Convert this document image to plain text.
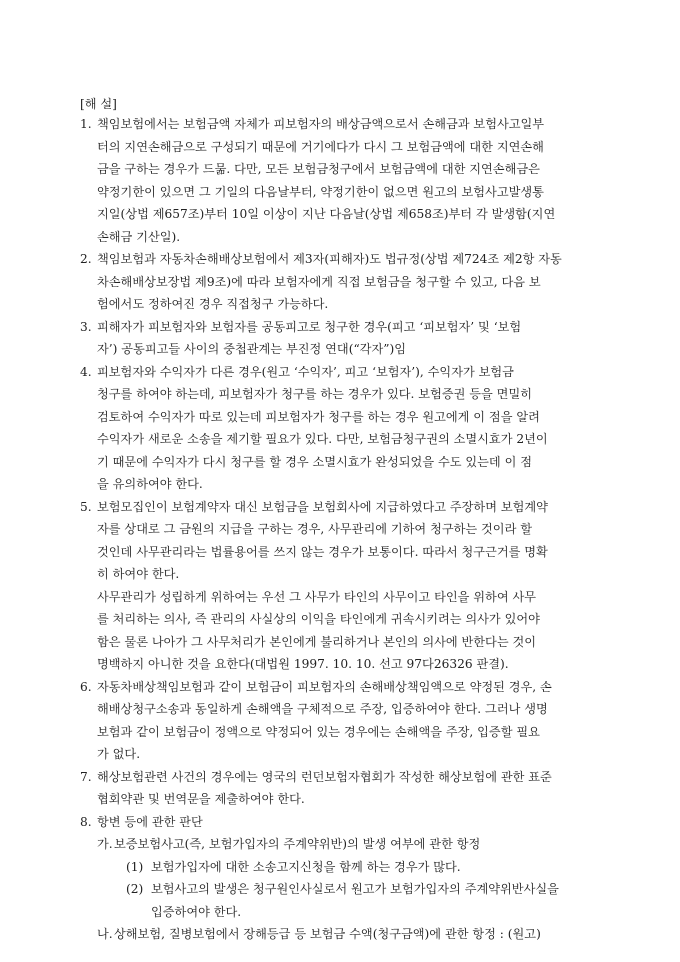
[해 설]
1. 책임보험에서는 보험금액 자체가 피보험자의 배상금액으로서 손해금과 보험사고일부
터의 지연손해금으로 구성되기 때문에 거기에다가 다시 그 보험금액에 대한 지연손해
금을 구하는 경우가 드묾. 다만, 모든 보험금청구에서 보험금액에 대한 지연손해금은
약정기한이 있으면 그 기일의 다음날부터, 약정기한이 없으면 원고의 보험사고발생통
지일(상법 제657조)부터 10일 이상이 지난 다음날(상법 제658조)부터 각 발생함(지연
손해금 기산일).
2. 책임보험과 자동차손해배상보험에서 제3자(피해자)도 법규정(상법 제724조 제2항 자동
차손해배상보장법 제9조)에 따라 보험자에게 직접 보험금을 청구할 수 있고, 다음 보
험에서도 정하여진 경우 직접청구 가능하다.
3. 피해자가 피보험자와 보험자를 공동피고로 청구한 경우(피고 ‘피보험자’ 및 ‘보험
자’) 공동피고들 사이의 중첩관계는 부진정 연대(“각자”)임
4. 피보험자와 수익자가 다른 경우(원고 ‘수익자’, 피고 ‘보험자’), 수익자가 보험금
청구를 하여야 하는데, 피보험자가 청구를 하는 경우가 있다. 보험증권 등을 면밀히
검토하여 수익자가 따로 있는데 피보험자가 청구를 하는 경우 원고에게 이 점을 알려
수익자가 새로운 소송을 제기할 필요가 있다. 다만, 보험금청구권의 소멸시효가 2년이
기 때문에 수익자가 다시 청구를 할 경우 소멸시효가 완성되었을 수도 있는데 이 점
을 유의하여야 한다.
5. 보험모집인이 보험계약자 대신 보험금을 보험회사에 지급하였다고 주장하며 보험계약
자를 상대로 그 금원의 지급을 구하는 경우, 사무관리에 기하여 청구하는 것이라 할
것인데 사무관리라는 법률용어를 쓰지 않는 경우가 보통이다. 따라서 청구근거를 명확
히 하여야 한다.
사무관리가 성립하게 위하여는 우선 그 사무가 타인의 사무이고 타인을 위하여 사무
를 처리하는 의사, 즉 관리의 사실상의 이익을 타인에게 귀속시키려는 의사가 있어야
함은 물론 나아가 그 사무처리가 본인에게 불리하거나 본인의 의사에 반한다는 것이
명백하지 아니한 것을 요한다(대법원 1997. 10. 10. 선고 97다26326 판결).
6. 자동차배상책임보험과 같이 보험금이 피보험자의 손해배상책임액으로 약정된 경우, 손
해배상청구소송과 동일하게 손해액을 구체적으로 주장, 입증하여야 한다. 그러나 생명
보험과 같이 보험금이 정액으로 약정되어 있는 경우에는 손해액을 주장, 입증할 필요
가 없다.
7. 해상보험관련 사건의 경우에는 영국의 런던보험자협회가 작성한 해상보험에 관한 표준
협회약관 및 번역문을 제출하여야 한다.
8. 항변 등에 관한 판단
가. 보증보험사고(즉, 보험가입자의 주계약위반)의 발생 여부에 관한 항정
(1) 보험가입자에 대한 소송고지신청을 함께 하는 경우가 많다.
(2) 보험사고의 발생은 청구원인사실로서 원고가 보험가입자의 주계약위반사실을
입증하여야 한다.
나. 상해보험, 질병보험에서 장해등급 등 보험금 수액(청구금액)에 관한 항정 : (원고)
